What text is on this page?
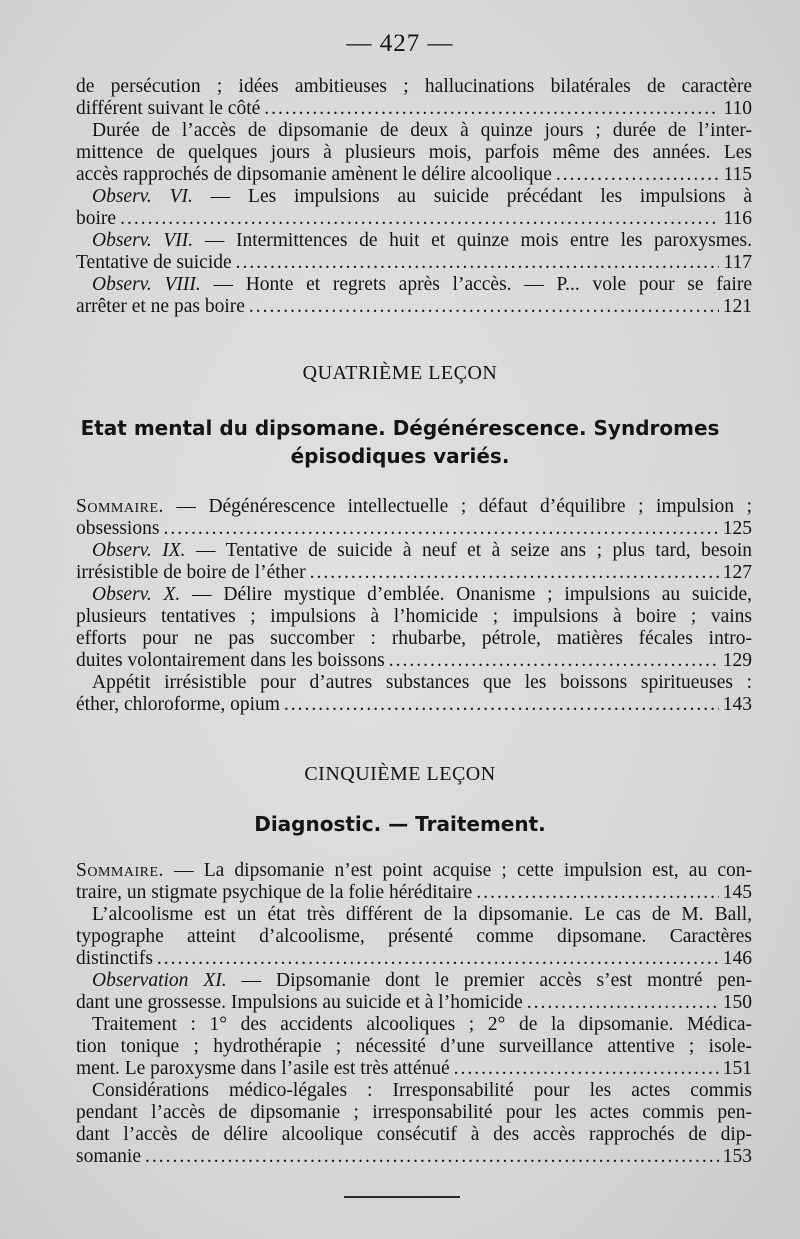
— 427 —
de persécution ; idées ambitieuses ; hallucinations bilatérales de caractère
différent suivant le côté .....	110
Durée de l’accès de dipsomanie de deux à quinze jours ; durée de l’inter-
mittence de quelques jours à plusieurs mois, parfois même des années. Les
accès rapprochés de dipsomanie amènent le délire alcoolique .....	115
Observ. VI. — Les impulsions au suicide précédant les impulsions à
boire .....	116
Observ. VII. — Intermittences de huit et quinze mois entre les paroxysmes.
Tentative de suicide .....	117
Observ. VIII. — Honte et regrets après l’accès. — P... vole pour se faire
arrêter et ne pas boire .....	121
QUATRIÈME LEÇON
Etat mental du dipsomane. Dégénérescence. Syndromes
épisodiques variés.
Sommaire. — Dégénérescence intellectuelle ; défaut d’équilibre ; impulsion ;
obsessions .....	125
Observ. IX. — Tentative de suicide à neuf et à seize ans ; plus tard, besoin
irrésistible de boire de l’éther .....	127
Observ. X. — Délire mystique d’emblée. Onanisme ; impulsions au suicide,
plusieurs tentatives ; impulsions à l’homicide ; impulsions à boire ; vains
efforts pour ne pas succomber : rhubarbe, pétrole, matières fécales intro-
duites volontairement dans les boissons .....	129
Appétit irrésistible pour d’autres substances que les boissons spiritueuses :
éther, chloroforme, opium .....	143
CINQUIÈME LEÇON
Diagnostic. — Traitement.
Sommaire. — La dipsomanie n’est point acquise ; cette impulsion est, au con-
traire, un stigmate psychique de la folie héréditaire .....	145
L’alcoolisme est un état très différent de la dipsomanie. Le cas de M. Ball,
typographe atteint d’alcoolisme, présenté comme dipsomane. Caractères
distinctifs .....	146
Observation XI. — Dipsomanie dont le premier accès s’est montré pen-
dant une grossesse. Impulsions au suicide et à l’homicide .....	150
Traitement : 1° des accidents alcooliques ; 2° de la dipsomanie. Médica-
tion tonique ; hydrothérapie ; nécessité d’une surveillance attentive ; isole-
ment. Le paroxysme dans l’asile est très atténué .....	151
Considérations médico-légales : Irresponsabilité pour les actes commis
pendant l’accès de dipsomanie ; irresponsabilité pour les actes commis pen-
dant l’accès de délire alcoolique consécutif à des accès rapprochés de dip-
somanie .....	153
